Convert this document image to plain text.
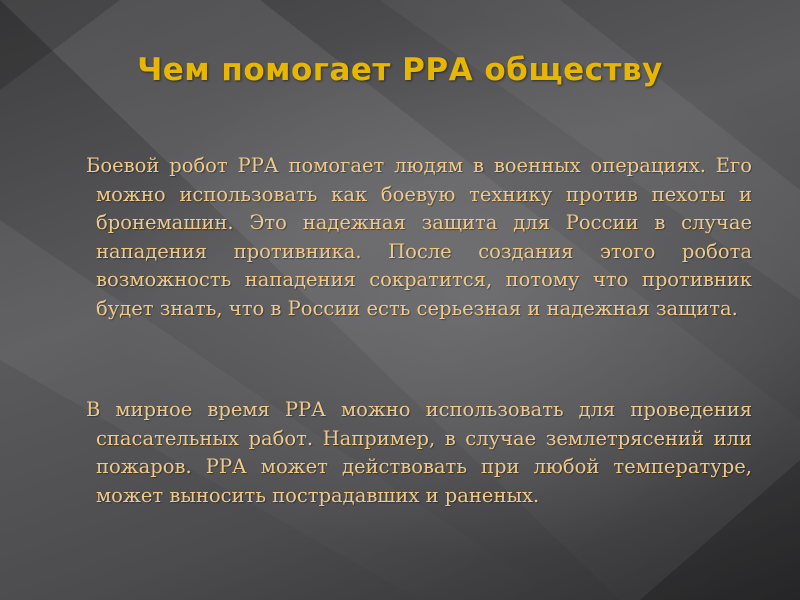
Чем помогает РРА обществу

Боевой робот РРА помогает людям в военных операциях. Его можно использовать как боевую технику против пехоты и бронемашин. Это надежная защита для России в случае нападения противника. После создания этого робота возможность нападения сократится, потому что противник будет знать, что в России есть серьезная и надежная защита.

В мирное время РРА можно использовать для проведения спасательных работ. Например, в случае землетрясений или пожаров. РРА может действовать при любой температуре, может выносить пострадавших и раненых.
